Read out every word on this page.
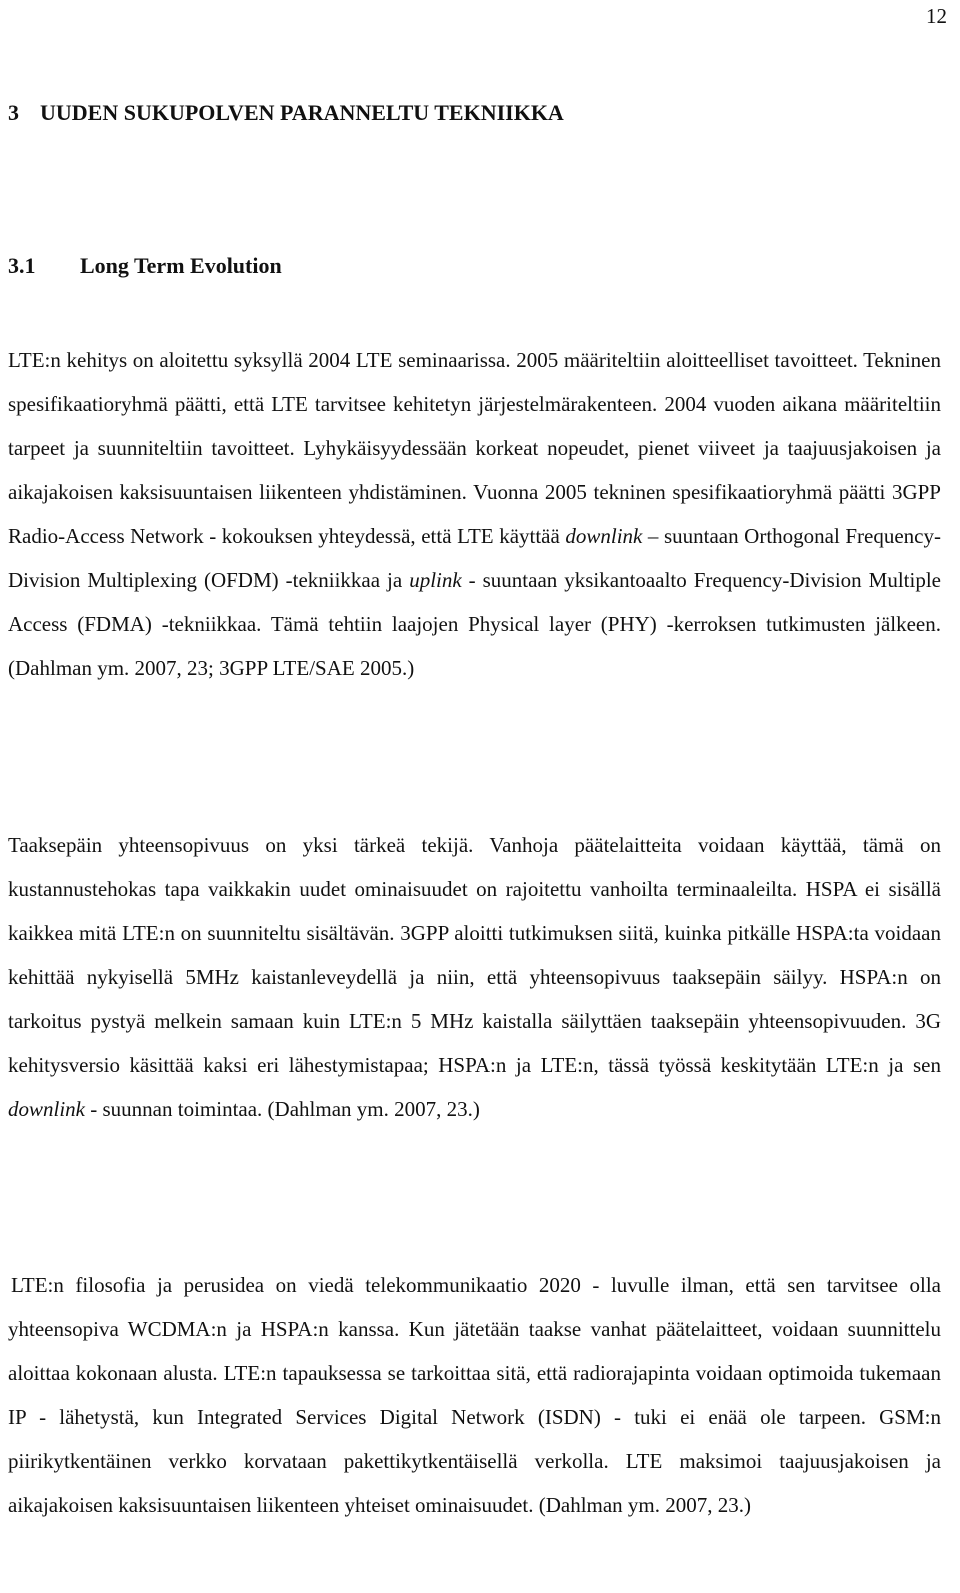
12
3 UUDEN SUKUPOLVEN PARANNELTU TEKNIIKKA
3.1 Long Term Evolution

LTE:n kehitys on aloitettu syksyllä 2004 LTE seminaarissa. 2005 määriteltiin aloitteelliset tavoitteet. Tekninen spesifikaatioryhmä päätti, että LTE tarvitsee kehitetyn järjestelmärakenteen. 2004 vuoden aikana määriteltiin tarpeet ja suunniteltiin tavoitteet. Lyhykäisyydessään korkeat nopeudet, pienet viiveet ja taajuusjakoisen ja aikajakoisen kaksisuuntaisen liikenteen yhdistäminen. Vuonna 2005 tekninen spesifikaatioryhmä päätti 3GPP Radio-Access Network - kokouksen yhteydessä, että LTE käyttää downlink – suuntaan Orthogonal Frequency-Division Multiplexing (OFDM) -tekniikkaa ja uplink - suuntaan yksikantoaalto Frequency-Division Multiple Access (FDMA) -tekniikkaa. Tämä tehtiin laajojen Physical layer (PHY) -kerroksen tutkimusten jälkeen. (Dahlman ym. 2007, 23; 3GPP LTE/SAE 2005.)

Taaksepäin yhteensopivuus on yksi tärkeä tekijä. Vanhoja päätelaitteita voidaan käyttää, tämä on kustannustehokas tapa vaikkakin uudet ominaisuudet on rajoitettu vanhoilta terminaaleilta. HSPA ei sisällä kaikkea mitä LTE:n on suunniteltu sisältävän. 3GPP aloitti tutkimuksen siitä, kuinka pitkälle HSPA:ta voidaan kehittää nykyisellä 5MHz kaistanleveydellä ja niin, että yhteensopivuus taaksepäin säilyy. HSPA:n on tarkoitus pystyä melkein samaan kuin LTE:n 5 MHz kaistalla säilyttäen taaksepäin yhteensopivuuden. 3G kehitysversio käsittää kaksi eri lähestymistapaa; HSPA:n ja LTE:n, tässä työssä keskitytään LTE:n ja sen downlink - suunnan toimintaa. (Dahlman ym. 2007, 23.)

LTE:n filosofia ja perusidea on viedä telekommunikaatio 2020 - luvulle ilman, että sen tarvitsee olla yhteensopiva WCDMA:n ja HSPA:n kanssa. Kun jätetään taakse vanhat päätelaitteet, voidaan suunnittelu aloittaa kokonaan alusta. LTE:n tapauksessa se tarkoittaa sitä, että radiorajapinta voidaan optimoida tukemaan IP - lähetystä, kun Integrated Services Digital Network (ISDN) - tuki ei enää ole tarpeen. GSM:n piirikytkentäinen verkko korvataan pakettikytkentäisellä verkolla. LTE maksimoi taajuusjakoisen ja aikajakoisen kaksisuuntaisen liikenteen yhteiset ominaisuudet. (Dahlman ym. 2007, 23.)
